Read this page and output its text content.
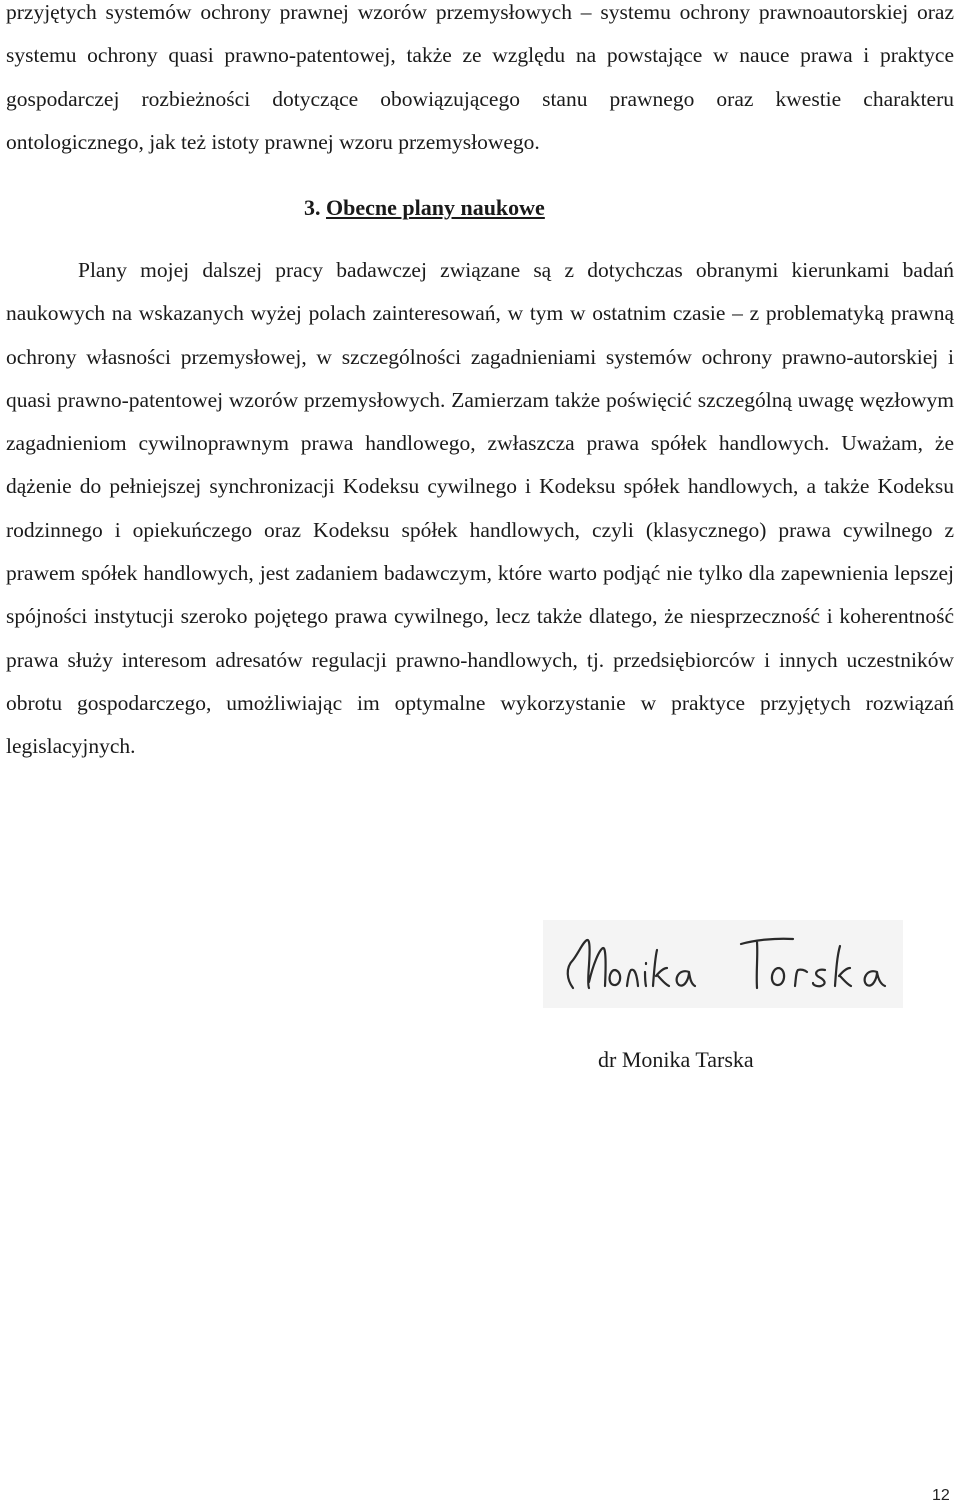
przyjętych systemów ochrony prawnej wzorów przemysłowych – systemu ochrony prawnoautorskiej oraz systemu ochrony quasi prawno-patentowej, także ze względu na powstające w nauce prawa i praktyce gospodarczej rozbieżności dotyczące obowiązującego stanu prawnego oraz kwestie charakteru ontologicznego, jak też istoty prawnej wzoru przemysłowego.

3. Obecne plany naukowe

Plany mojej dalszej pracy badawczej związane są z dotychczas obranymi kierunkami badań naukowych na wskazanych wyżej polach zainteresowań, w tym w ostatnim czasie – z problematyką prawną ochrony własności przemysłowej, w szczególności zagadnieniami systemów ochrony prawno-autorskiej i quasi prawno-patentowej wzorów przemysłowych. Zamierzam także poświęcić szczególną uwagę węzłowym zagadnieniom cywilnoprawnym prawa handlowego, zwłaszcza prawa spółek handlowych. Uważam, że dążenie do pełniejszej synchronizacji Kodeksu cywilnego i Kodeksu spółek handlowych, a także Kodeksu rodzinnego i opiekuńczego oraz Kodeksu spółek handlowych, czyli (klasycznego) prawa cywilnego z prawem spółek handlowych, jest zadaniem badawczym, które warto podjąć nie tylko dla zapewnienia lepszej spójności instytucji szeroko pojętego prawa cywilnego, lecz także dlatego, że niesprzeczność i koherentność prawa służy interesom adresatów regulacji prawno-handlowych, tj. przedsiębiorców i innych uczestników obrotu gospodarczego, umożliwiając im optymalne wykorzystanie w praktyce przyjętych rozwiązań legislacyjnych.

dr Monika Tarska

12
